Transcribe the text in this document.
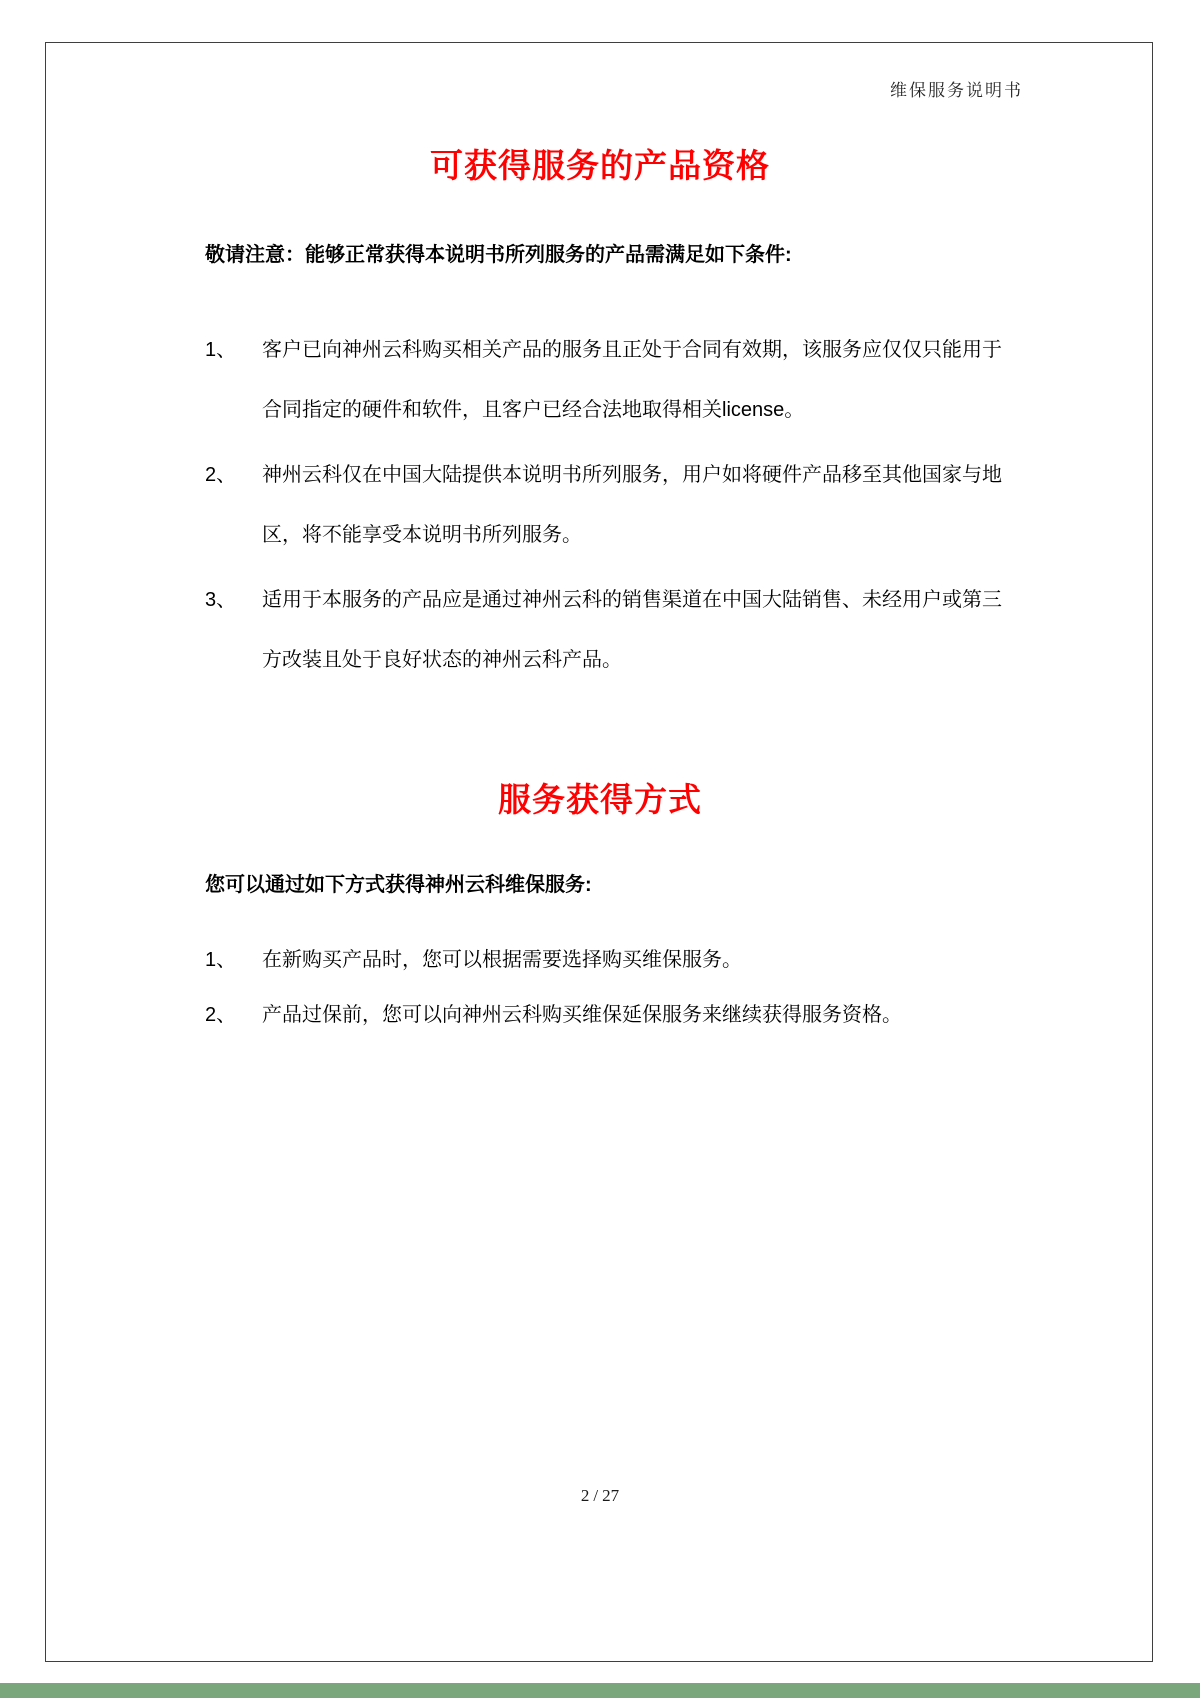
维保服务说明书
可获得服务的产品资格
敬请注意：能够正常获得本说明书所列服务的产品需满足如下条件:
1、	客户已向神州云科购买相关产品的服务且正处于合同有效期，该服务应仅仅只能用于合同指定的硬件和软件，且客户已经合法地取得相关license。
2、	神州云科仅在中国大陆提供本说明书所列服务，用户如将硬件产品移至其他国家与地区，将不能享受本说明书所列服务。
3、	适用于本服务的产品应是通过神州云科的销售渠道在中国大陆销售、未经用户或第三方改装且处于良好状态的神州云科产品。
服务获得方式
您可以通过如下方式获得神州云科维保服务:
1、	在新购买产品时，您可以根据需要选择购买维保服务。
2、	产品过保前，您可以向神州云科购买维保延保服务来继续获得服务资格。
2 / 27
